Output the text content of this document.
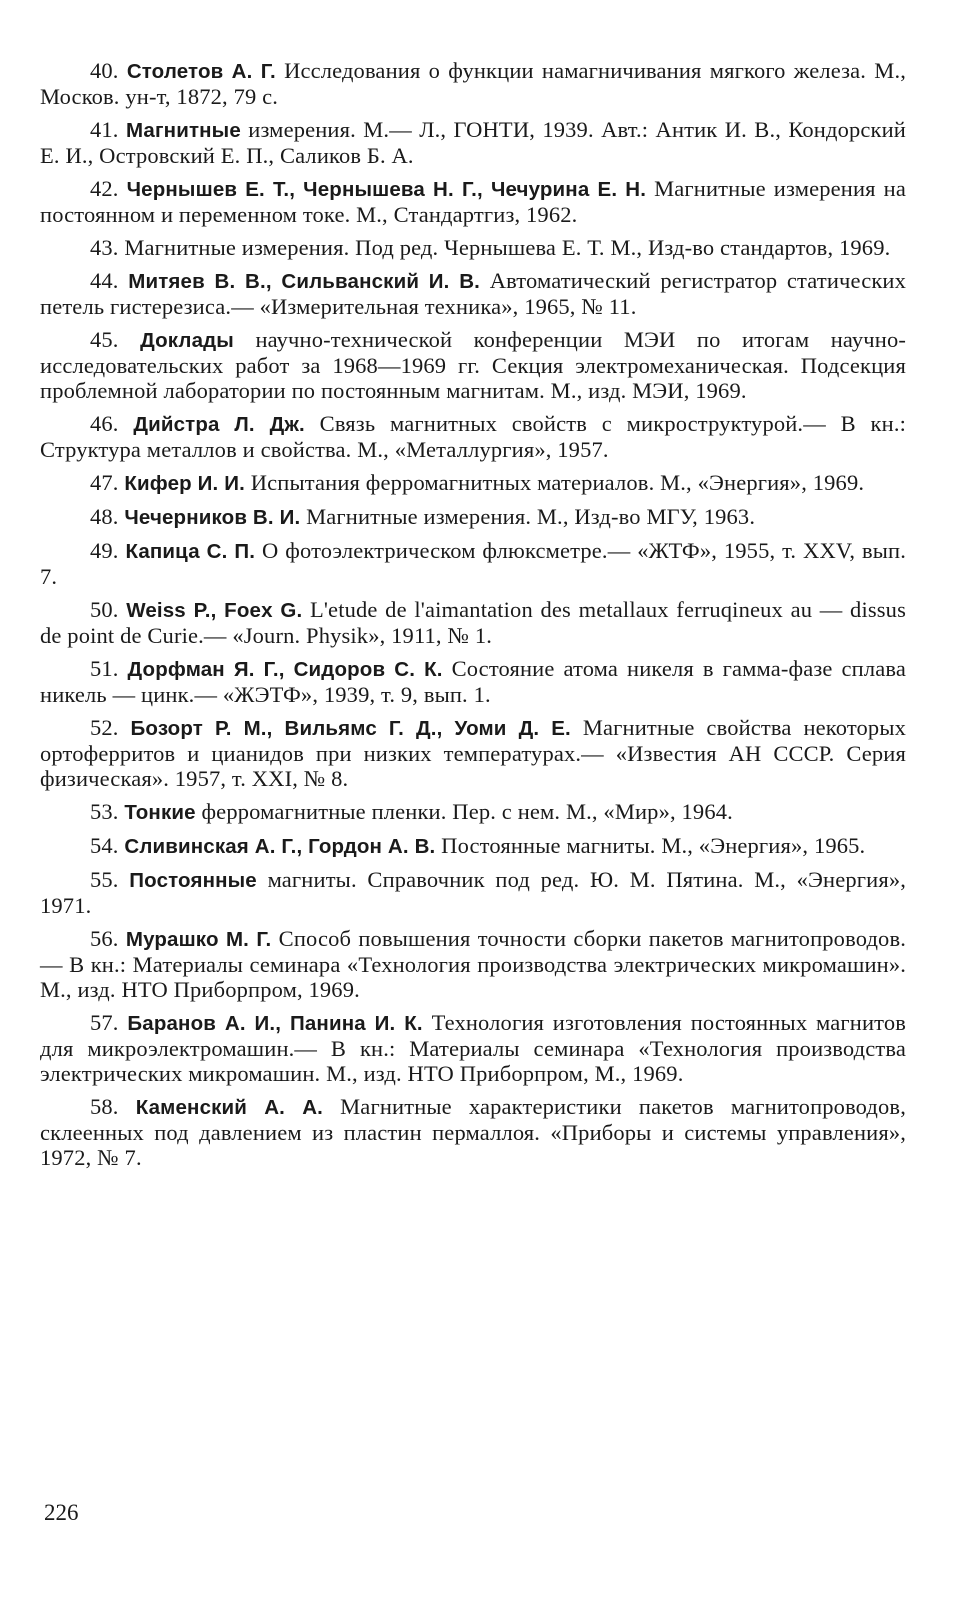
40. Столетов А. Г. Исследования о функции намагничивания мягкого железа. М., Москов. ун-т, 1872, 79 с.

41. Магнитные измерения. М.— Л., ГОНТИ, 1939. Авт.: Антик И. В., Кондорский Е. И., Островский Е. П., Саликов Б. А.

42. Чернышев Е. Т., Чернышева Н. Г., Чечурина Е. Н. Магнитные измерения на постоянном и переменном токе. М., Стандартгиз, 1962.

43. Магнитные измерения. Под ред. Чернышева Е. Т. М., Изд-во стандартов, 1969.

44. Митяев В. В., Сильванский И. В. Автоматический регистратор статических петель гистерезиса.— «Измерительная техника», 1965, № 11.

45. Доклады научно-технической конференции МЭИ по итогам научно-исследовательских работ за 1968—1969 гг. Секция электромеханическая. Подсекция проблемной лаборатории по постоянным магнитам. М., изд. МЭИ, 1969.

46. Дийстра Л. Дж. Связь магнитных свойств с микроструктурой.— В кн.: Структура металлов и свойства. М., «Металлургия», 1957.

47. Кифер И. И. Испытания ферромагнитных материалов. М., «Энергия», 1969.

48. Чечерников В. И. Магнитные измерения. М., Изд-во МГУ, 1963.

49. Капица С. П. О фотоэлектрическом флюксметре.— «ЖТФ», 1955, т. XXV, вып. 7.

50. Weiss P., Foex G. L'etude de l'aimantation des metallaux ferruqineux au — dissus de point de Curie.— «Journ. Physik», 1911, № 1.

51. Дорфман Я. Г., Сидоров С. К. Состояние атома никеля в гамма-фазе сплава никель — цинк.— «ЖЭТФ», 1939, т. 9, вып. 1.

52. Бозорт Р. М., Вильямс Г. Д., Уоми Д. Е. Магнитные свойства некоторых ортоферритов и цианидов при низких температурах.— «Известия АН СССР. Серия физическая». 1957, т. XXI, № 8.

53. Тонкие ферромагнитные пленки. Пер. с нем. М., «Мир», 1964.

54. Сливинская А. Г., Гордон А. В. Постоянные магниты. М., «Энергия», 1965.

55. Постоянные магниты. Справочник под ред. Ю. М. Пятина. М., «Энергия», 1971.

56. Мурашко М. Г. Способ повышения точности сборки пакетов магнитопроводов.— В кн.: Материалы семинара «Технология производства электрических микромашин». М., изд. НТО Приборпром, 1969.

57. Баранов А. И., Панина И. К. Технология изготовления постоянных магнитов для микроэлектромашин.— В кн.: Материалы семинара «Технология производства электрических микромашин. М., изд. НТО Приборпром, М., 1969.

58. Каменский А. А. Магнитные характеристики пакетов магнитопроводов, склеенных под давлением из пластин пермаллоя. «Приборы и системы управления», 1972, № 7.

226
